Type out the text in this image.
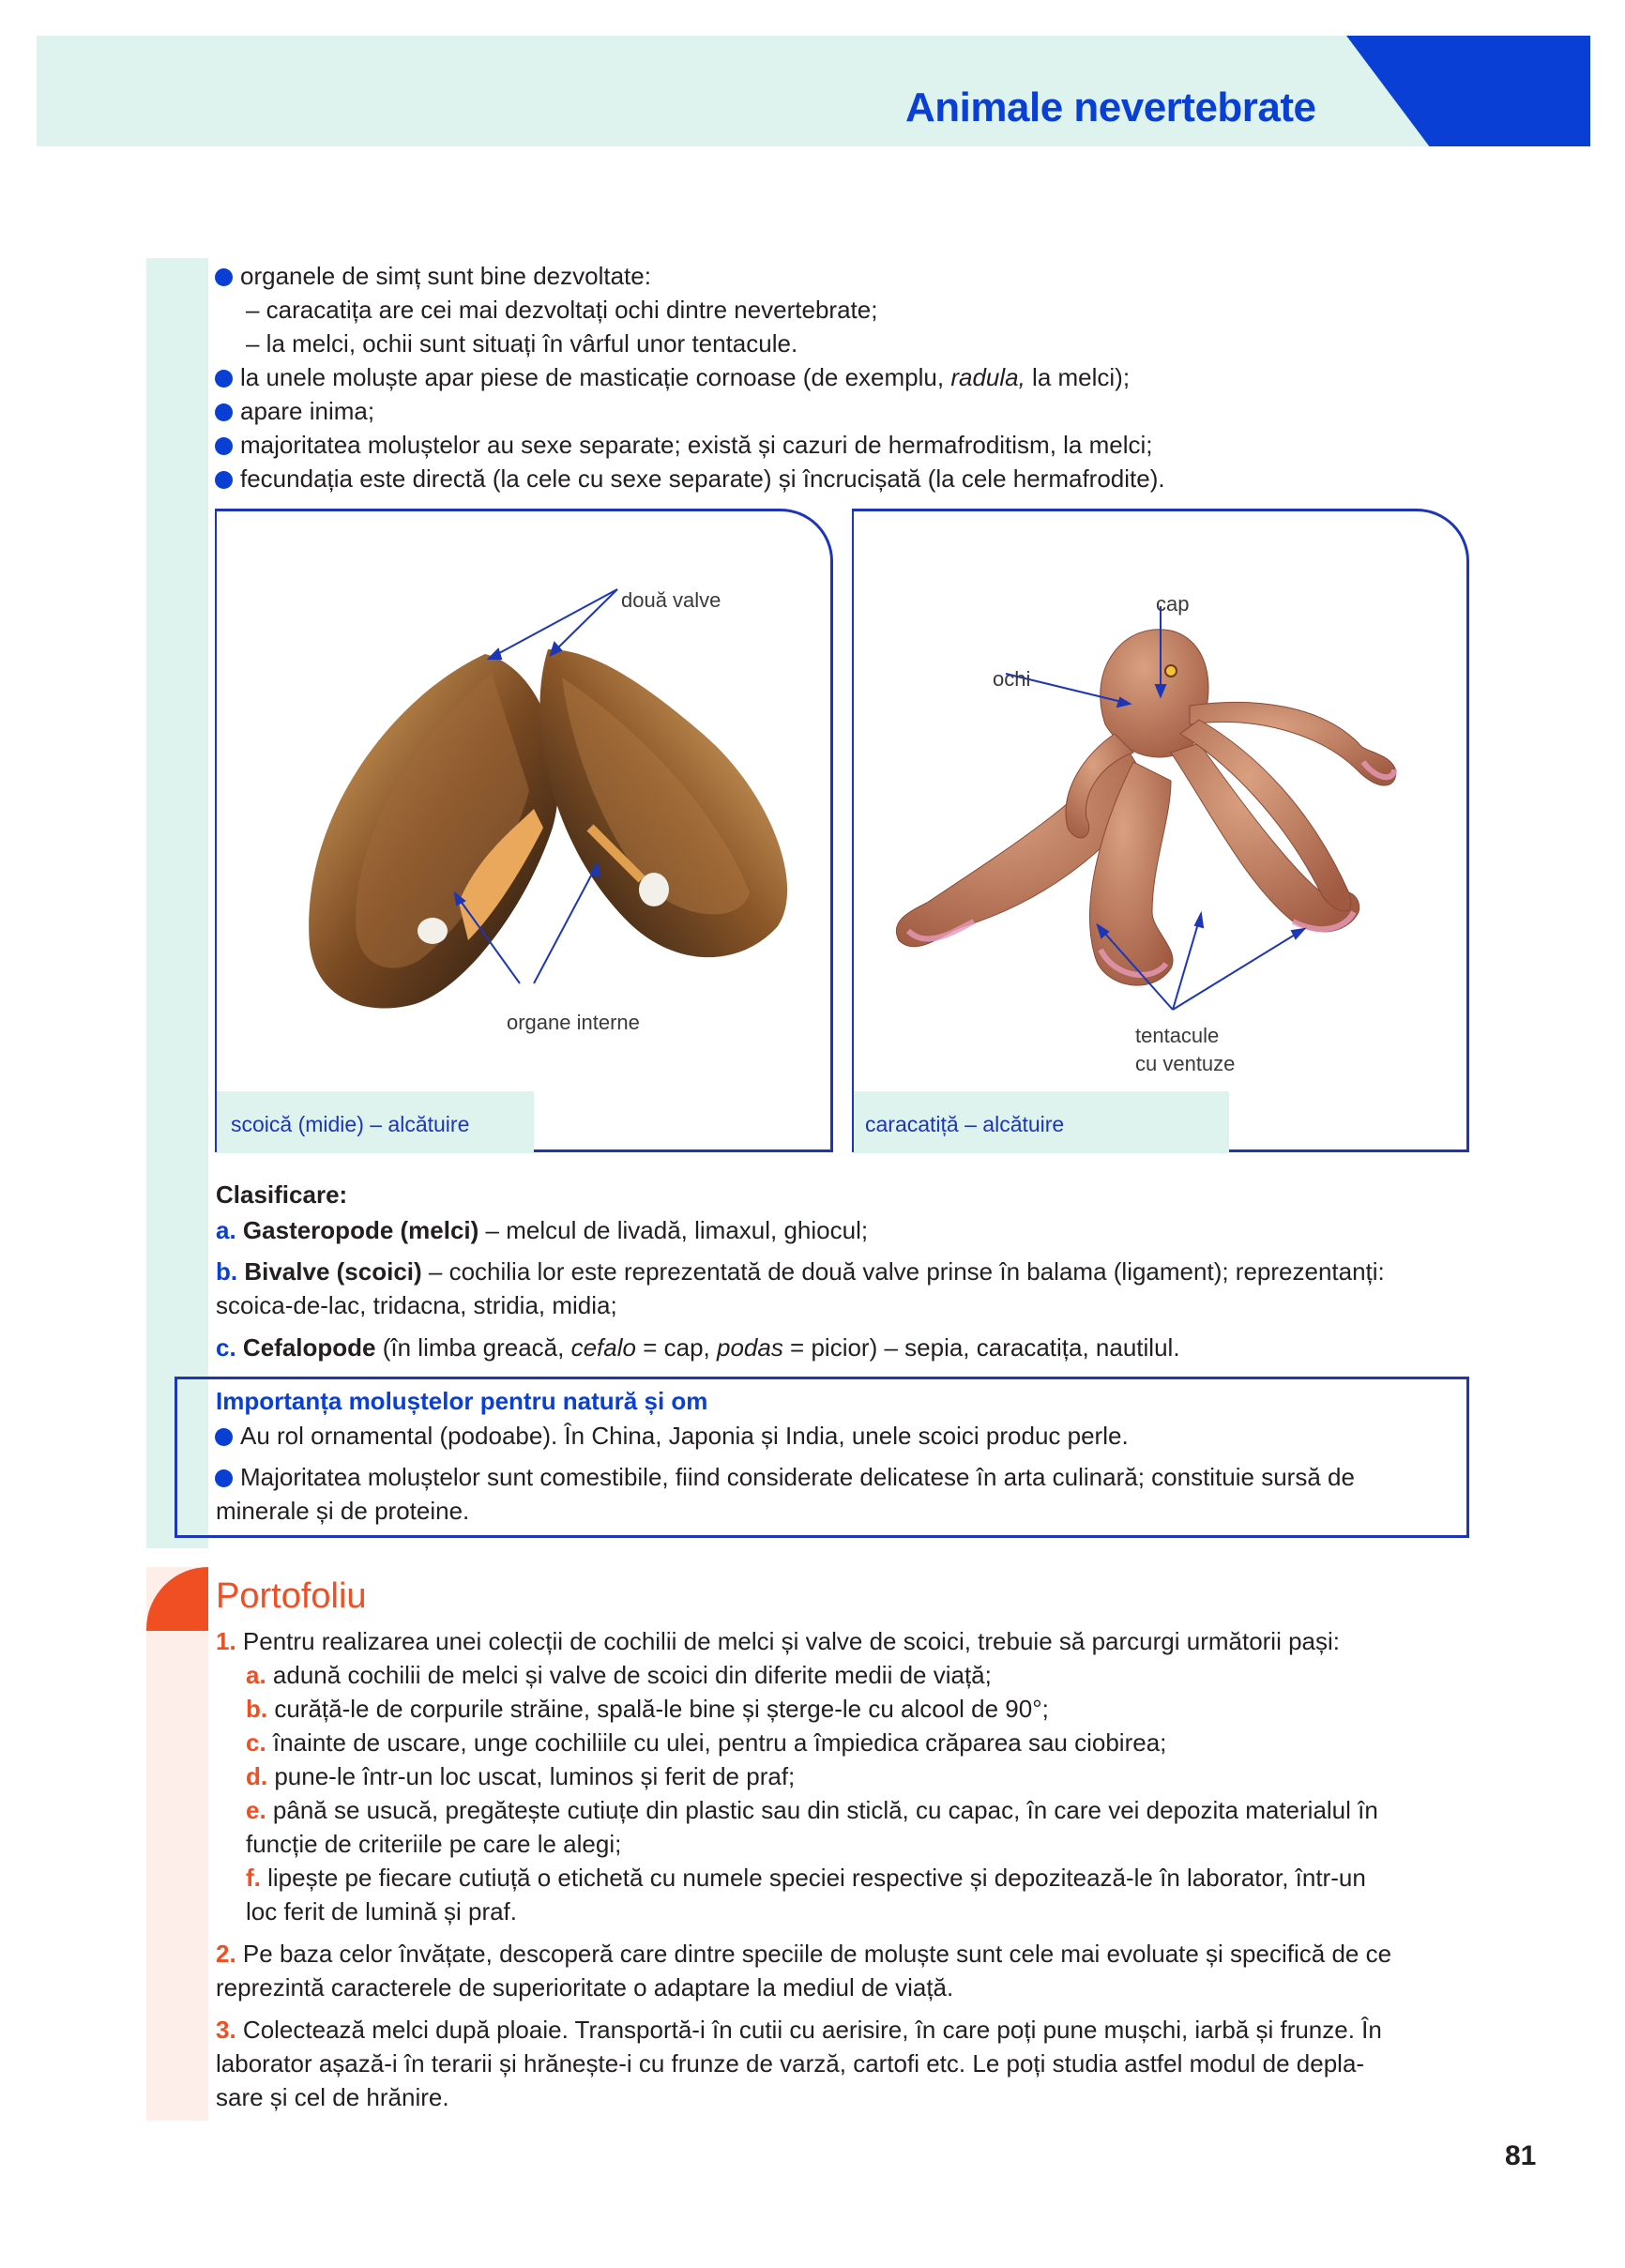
Animale nevertebrate
organele de simț sunt bine dezvoltate:
– caracatița are cei mai dezvoltați ochi dintre nevertebrate;
– la melci, ochii sunt situați în vârful unor tentacule.
la unele moluște apar piese de masticație cornoase (de exemplu, radula, la melci);
apare inima;
majoritatea moluștelor au sexe separate; există și cazuri de hermafroditism, la melci;
fecundația este directă (la cele cu sexe separate) și încrucișată (la cele hermafrodite).
scoică (midie) – alcătuire
două valve
organe interne
caracatiță – alcătuire
cap
ochi
tentacule
cu ventuze
Clasificare:
a. Gasteropode (melci) – melcul de livadă, limaxul, ghiocul;
b. Bivalve (scoici) – cochilia lor este reprezentată de două valve prinse în balama (ligament); reprezentanți:
scoica-de-lac, tridacna, stridia, midia;
c. Cefalopode (în limba greacă, cefalo = cap, podas = picior) – sepia, caracatița, nautilul.
Importanța moluștelor pentru natură și om
Au rol ornamental (podoabe). În China, Japonia și India, unele scoici produc perle.
Majoritatea moluștelor sunt comestibile, fiind considerate delicatese în arta culinară; constituie sursă de
minerale și de proteine.
Portofoliu
1. Pentru realizarea unei colecții de cochilii de melci și valve de scoici, trebuie să parcurgi următorii pași:
a. adună cochilii de melci și valve de scoici din diferite medii de viață;
b. curăță-le de corpurile străine, spală-le bine și șterge-le cu alcool de 90°;
c. înainte de uscare, unge cochiliile cu ulei, pentru a împiedica crăparea sau ciobirea;
d. pune-le într-un loc uscat, luminos și ferit de praf;
e. până se usucă, pregătește cutiuțe din plastic sau din sticlă, cu capac, în care vei depozita materialul în
funcție de criteriile pe care le alegi;
f. lipește pe fiecare cutiuță o etichetă cu numele speciei respective și depozitează-le în laborator, într-un
loc ferit de lumină și praf.
2. Pe baza celor învățate, descoperă care dintre speciile de moluște sunt cele mai evoluate și specifică de ce
reprezintă caracterele de superioritate o adaptare la mediul de viață.
3. Colectează melci după ploaie. Transportă-i în cutii cu aerisire, în care poți pune mușchi, iarbă și frunze. În
laborator așază-i în terarii și hrănește-i cu frunze de varză, cartofi etc. Le poți studia astfel modul de depla-
sare și cel de hrănire.
81
